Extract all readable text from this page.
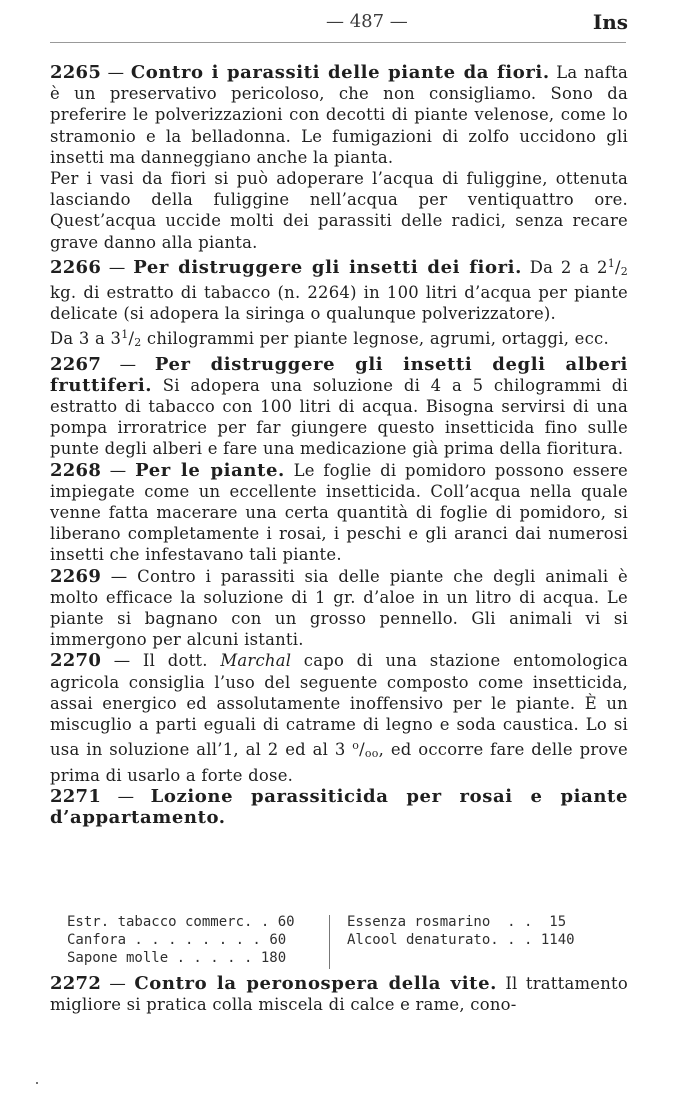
— 487 —	Ins

2265 — Contro i parassiti delle piante da fiori. La nafta è un preservativo pericoloso, che non consigliamo. Sono da preferire le polverizzazioni con decotti di piante velenose, come lo stramonio e la belladonna. Le fumigazioni di zolfo uccidono gli insetti ma danneggiano anche la pianta.

Per i vasi da fiori si può adoperare l’acqua di fuliggine, ottenuta lasciando della fuliggine nell’acqua per ventiquattro ore. Quest’acqua uccide molti dei parassiti delle radici, senza recare grave danno alla pianta.

2266 — Per distruggere gli insetti dei fiori. Da 2 a $2^1/2$ kg. di estratto di tabacco (n. 2264) in 100 litri d’acqua per piante delicate (si adopera la siringa o qualunque polverizzatore).

Da 3 a $3^1/2$ chilogrammi per piante legnose, agrumi, ortaggi, ecc.

2267 — Per distruggere gli insetti degli alberi fruttiferi. Si adopera una soluzione di 4 a 5 chilogrammi di estratto di tabacco con 100 litri di acqua. Bisogna servirsi di una pompa irroratrice per far giungere questo insetticida fino sulle punte degli alberi e fare una medicazione già prima della fioritura.

2268 — Per le piante. Le foglie di pomidoro possono essere impiegate come un eccellente insetticida. Coll’acqua nella quale venne fatta macerare una certa quantità di foglie di pomidoro, si liberano completamente i rosai, i peschi e gli aranci dai numerosi insetti che infestavano tali piante.

2269 — Contro i parassiti sia delle piante che degli animali è molto efficace la soluzione di 1 gr. d’aloe in un litro di acqua. Le piante si bagnano con un grosso pennello. Gli animali vi si immergono per alcuni istanti.

2270 — Il dott. Marchal capo di una stazione entomologica agricola consiglia l’uso del seguente composto come insetticida, assai energico ed assolutamente inoffensivo per le piante. È un miscuglio a parti eguali di catrame di legno e soda caustica. Lo si usa in soluzione all’1, al 2 ed al 3 $^o$/oo, ed occorre fare delle prove prima di usarlo a forte dose.

2271 — Lozione parassiticida per rosai e piante d’appartamento.

Estr. tabacco commerc. . 60
Canfora . . . . . . . . 60
Sapone molle . . . . . 180
Essenza rosmarino  . . 15
Alcool denaturato. . . 1140

2272 — Contro la peronospera della vite. Il trattamento migliore si pratica colla miscela di calce e rame, cono-
